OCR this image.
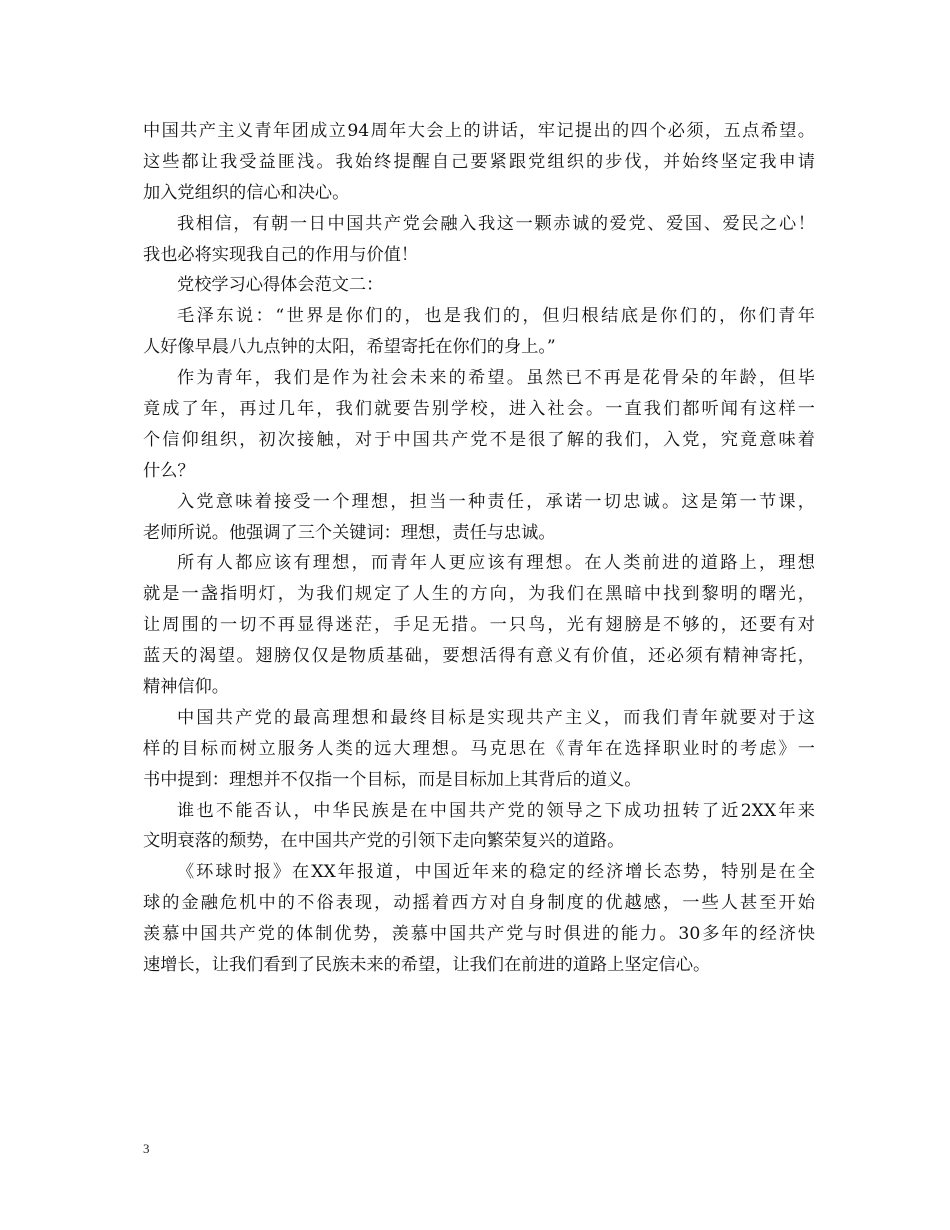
中国共产主义青年团成立94周年大会上的讲话，牢记提出的四个必须，五点希望。
这些都让我受益匪浅。我始终提醒自己要紧跟党组织的步伐，并始终坚定我申请
加入党组织的信心和决心。
我相信，有朝一日中国共产党会融入我这一颗赤诚的爱党、爱国、爱民之心！
我也必将实现我自己的作用与价值！
党校学习心得体会范文二：
毛泽东说：“世界是你们的，也是我们的，但归根结底是你们的，你们青年
人好像早晨八九点钟的太阳，希望寄托在你们的身上。”
作为青年，我们是作为社会未来的希望。虽然已不再是花骨朵的年龄，但毕
竟成了年，再过几年，我们就要告别学校，进入社会。一直我们都听闻有这样一
个信仰组织，初次接触，对于中国共产党不是很了解的我们，入党，究竟意味着
什么？
入党意味着接受一个理想，担当一种责任，承诺一切忠诚。这是第一节课，
老师所说。他强调了三个关键词：理想，责任与忠诚。
所有人都应该有理想，而青年人更应该有理想。在人类前进的道路上，理想
就是一盏指明灯，为我们规定了人生的方向，为我们在黑暗中找到黎明的曙光，
让周围的一切不再显得迷茫，手足无措。一只鸟，光有翅膀是不够的，还要有对
蓝天的渴望。翅膀仅仅是物质基础，要想活得有意义有价值，还必须有精神寄托，
精神信仰。
中国共产党的最高理想和最终目标是实现共产主义，而我们青年就要对于这
样的目标而树立服务人类的远大理想。马克思在《青年在选择职业时的考虑》一
书中提到：理想并不仅指一个目标，而是目标加上其背后的道义。
谁也不能否认，中华民族是在中国共产党的领导之下成功扭转了近2XX年来
文明衰落的颓势，在中国共产党的引领下走向繁荣复兴的道路。
《环球时报》在XX年报道，中国近年来的稳定的经济增长态势，特别是在全
球的金融危机中的不俗表现，动摇着西方对自身制度的优越感，一些人甚至开始
羡慕中国共产党的体制优势，羡慕中国共产党与时俱进的能力。30多年的经济快
速增长，让我们看到了民族未来的希望，让我们在前进的道路上坚定信心。
3
